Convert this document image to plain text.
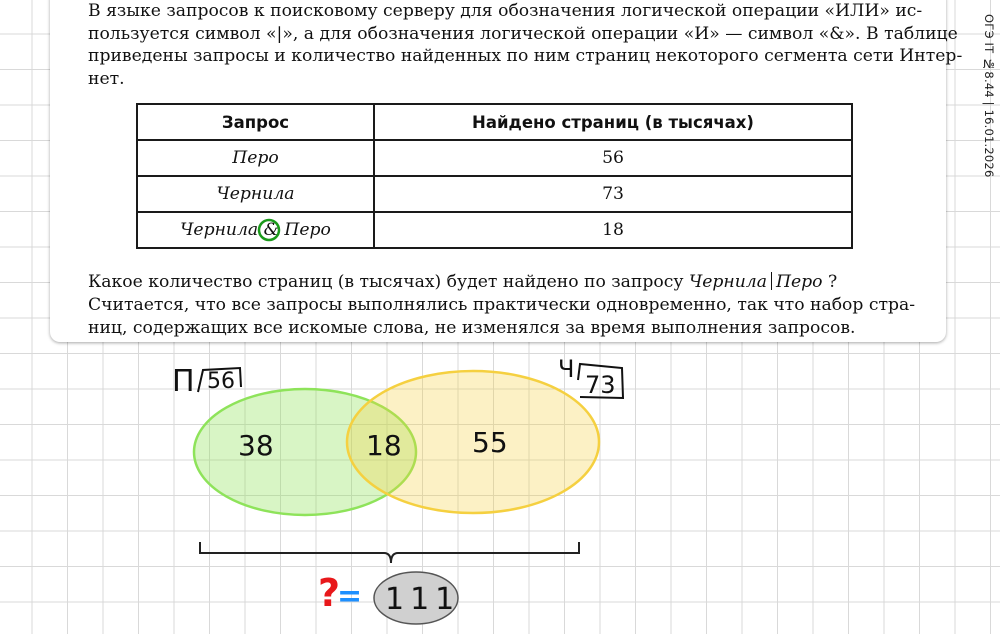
В языке запросов к поисковому серверу для обозначения логической операции «ИЛИ» ис-
пользуется символ «|», а для обозначения логической операции «И» — символ «&». В таблице
приведены запросы и количество найденных по ним страниц некоторого сегмента сети Интер-
нет.

Запрос	Найдено страниц (в тысячах)
Перо	56
Чернила	73
Чернила & Перо	18

Какое количество страниц (в тысячах) будет найдено по запросу Чернила Перо ?

Считается, что все запросы выполнялись практически одновременно, так что набор стра-
ниц, содержащих все искомые слова, не изменялся за время выполнения запросов.

ОГЭ IT №8.44 | 16.01.2026
П 56	Ч
73
38	18	55
?
= 111
